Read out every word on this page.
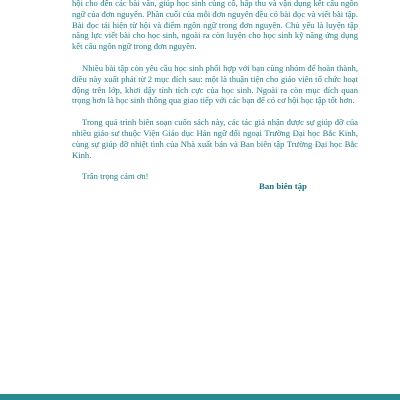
hội cho đến các bài văn, giúp học sinh củng cố, hấp thu và vận dụng kết cấu ngôn ngữ của đơn nguyên. Phần cuối của mỗi đơn nguyên đều có bài đọc và viết bài tập. Bài đọc tái hiện từ hội và điểm ngôn ngữ trong đơn nguyên. Chủ yếu là luyện tập năng lực viết bài cho học sinh, ngoài ra còn luyện cho học sinh kỹ năng ứng dụng kết cấu ngôn ngữ trong đơn nguyên.

Nhiều bài tập còn yêu cầu học sinh phối hợp với bạn cùng nhóm để hoàn thành, điều này xuất phát từ 2 mục đích sau: một là thuận tiện cho giáo viên tổ chức hoạt động trên lớp, khơi dậy tính tích cực của học sinh. Ngoài ra còn mục đích quan trọng hơn là học sinh thông qua giao tiếp với các bạn để có cơ hội học tập tốt hơn.

Trong quá trình biên soạn cuốn sách này, các tác giả nhận được sự giúp đỡ của nhiều giáo sư thuộc Viện Giáo dục Hán ngữ đối ngoại Trường Đại học Bắc Kinh, cùng sự giúp đỡ nhiệt tình của Nhà xuất bản và Ban biên tập Trường Đại học Bắc Kinh.

Trân trọng cảm ơn!

Ban biên tập
